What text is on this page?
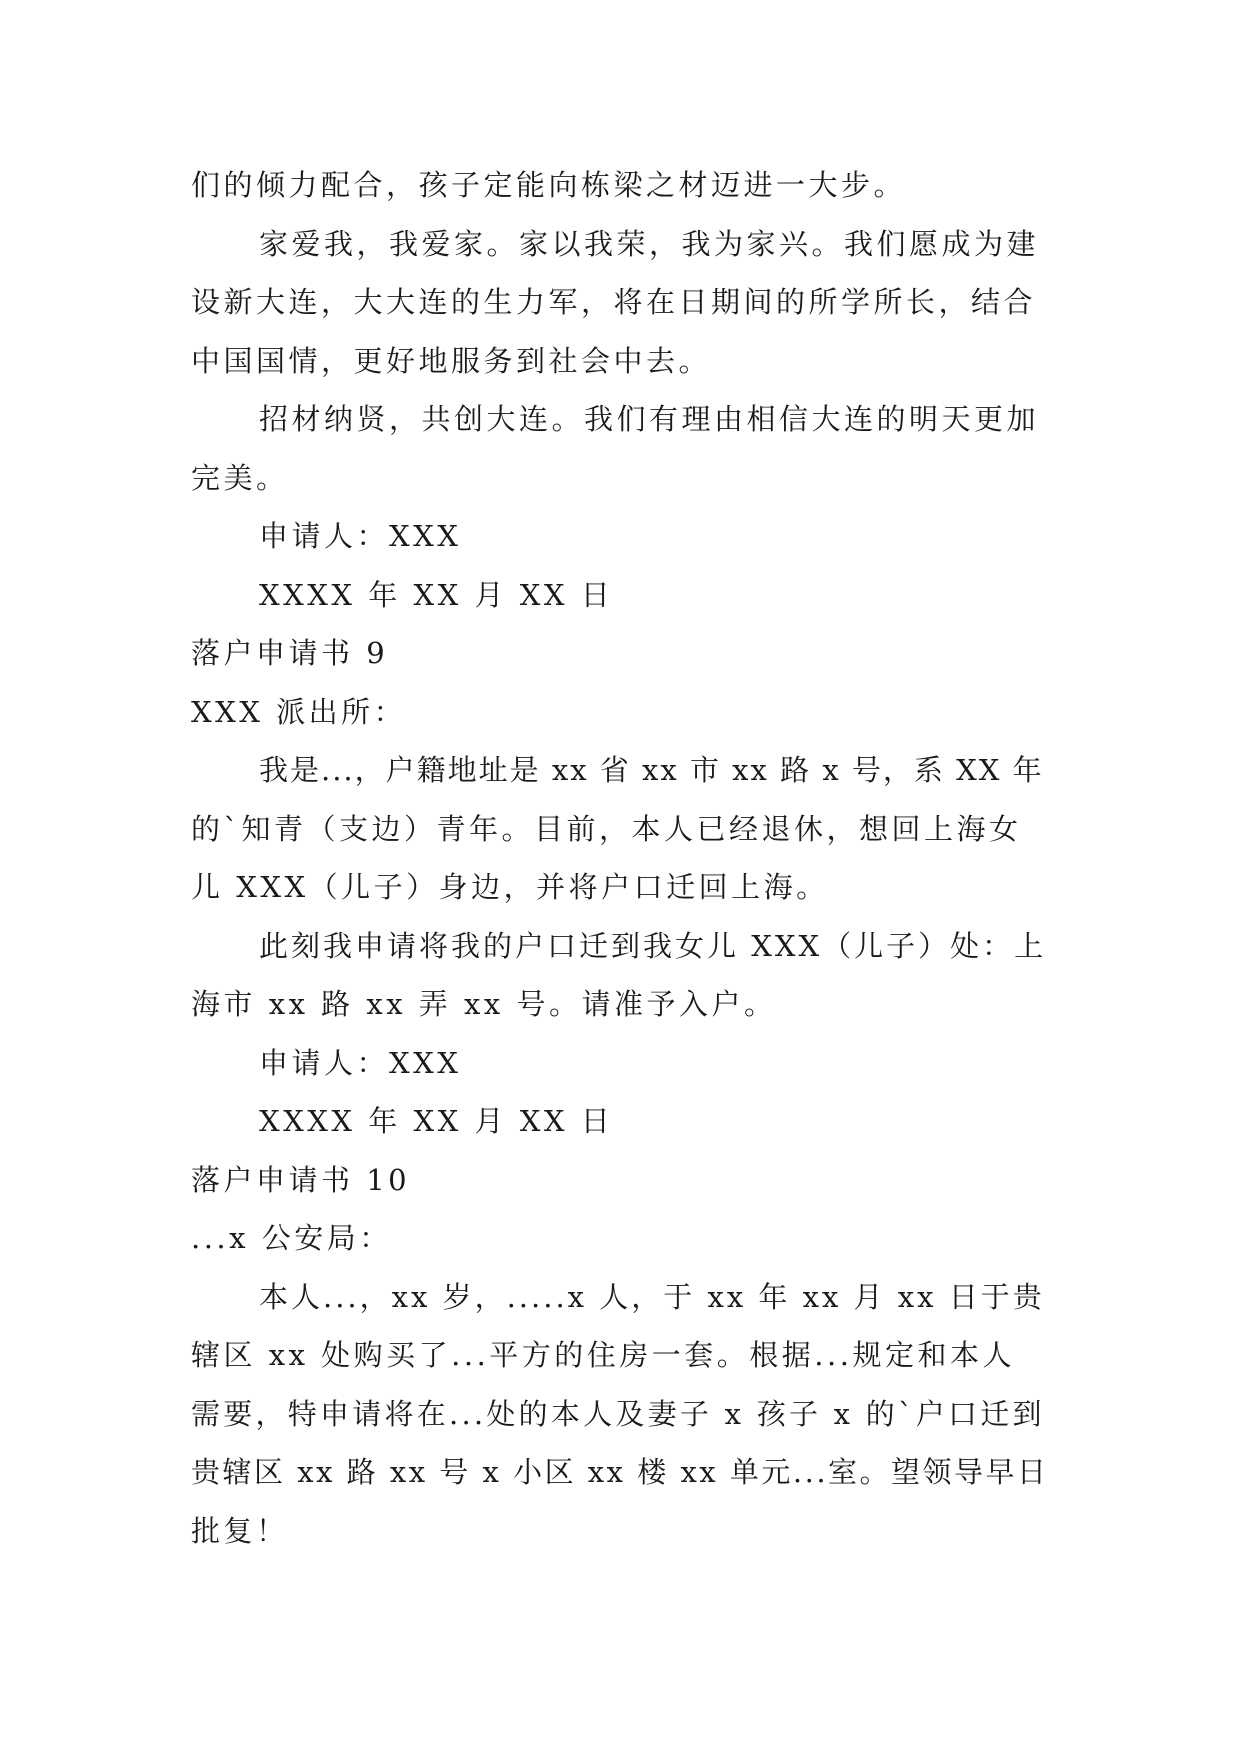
们的倾力配合，孩子定能向栋梁之材迈进一大步。
家爱我，我爱家。家以我荣，我为家兴。我们愿成为建
设新大连，大大连的生力军，将在日期间的所学所长，结合
中国国情，更好地服务到社会中去。
招材纳贤，共创大连。我们有理由相信大连的明天更加
完美。
申请人：XXX
XXXX 年 XX 月 XX 日
落户申请书 9
XXX 派出所：
我是...，户籍地址是 xx 省 xx 市 xx 路 x 号，系 XX 年
的`知青（支边）青年。目前，本人已经退休，想回上海女
儿 XXX（儿子）身边，并将户口迁回上海。
此刻我申请将我的户口迁到我女儿 XXX（儿子）处：上
海市 xx 路 xx 弄 xx 号。请准予入户。
申请人：XXX
XXXX 年 XX 月 XX 日
落户申请书 10
...x 公安局：
本人...，xx 岁，.....x 人，于 xx 年 xx 月 xx 日于贵
辖区 xx 处购买了...平方的住房一套。根据...规定和本人
需要，特申请将在...处的本人及妻子 x 孩子 x 的`户口迁到
贵辖区 xx 路 xx 号 x 小区 xx 楼 xx 单元...室。望领导早日
批复！
